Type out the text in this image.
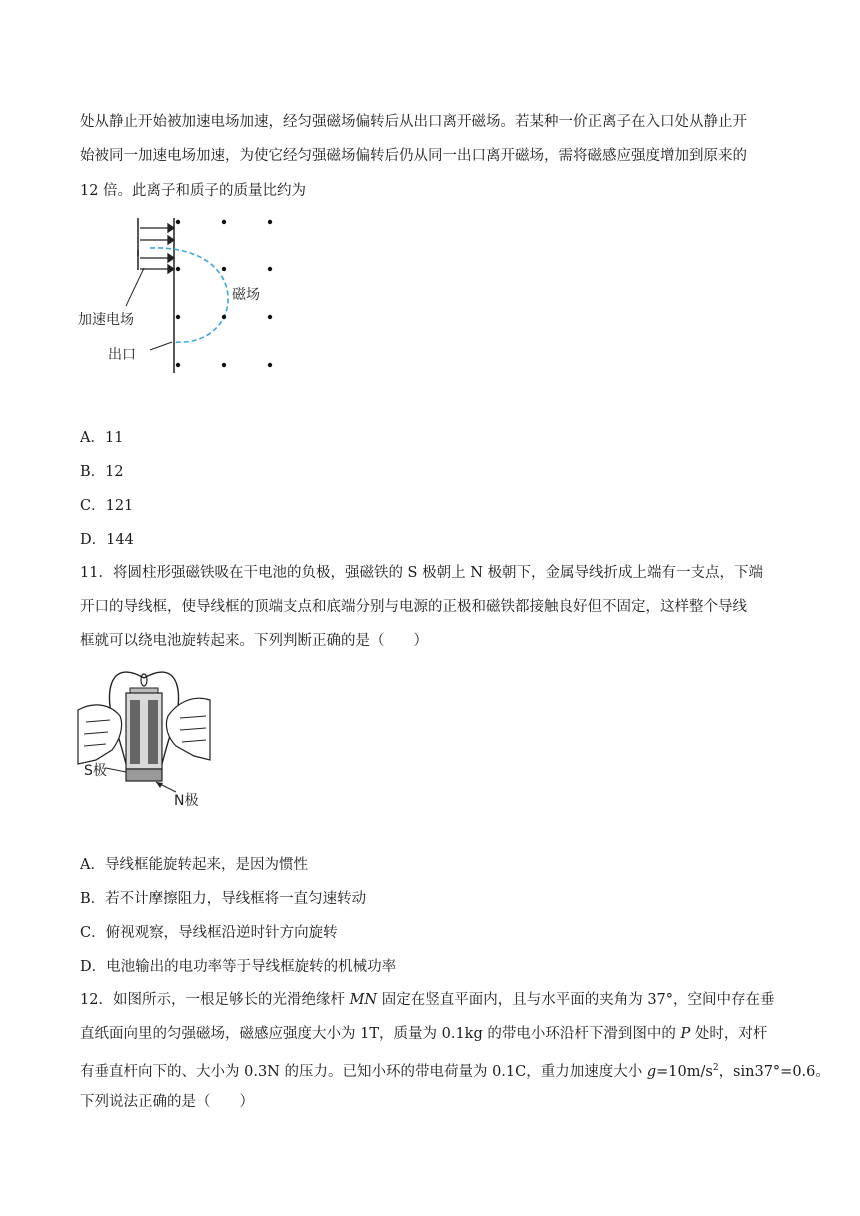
处从静止开始被加速电场加速，经匀强磁场偏转后从出口离开磁场。若某种一价正离子在入口处从静止开
始被同一加速电场加速，为使它经匀强磁场偏转后仍从同一出口离开磁场，需将磁感应强度增加到原来的
12 倍。此离子和质子的质量比约为
加速电场
磁场
出口
A．11
B．12
C．121
D．144
11．将圆柱形强磁铁吸在干电池的负极，强磁铁的 S 极朝上 N 极朝下，金属导线折成上端有一支点，下端
开口的导线框，使导线框的顶端支点和底端分别与电源的正极和磁铁都接触良好但不固定，这样整个导线
框就可以绕电池旋转起来。下列判断正确的是（　　）
S极
N极
A．导线框能旋转起来，是因为惯性
B．若不计摩擦阻力，导线框将一直匀速转动
C．俯视观察，导线框沿逆时针方向旋转
D．电池输出的电功率等于导线框旋转的机械功率
12．如图所示，一根足够长的光滑绝缘杆 MN 固定在竖直平面内，且与水平面的夹角为 37°，空间中存在垂
直纸面向里的匀强磁场，磁感应强度大小为 1T，质量为 0.1kg 的带电小环沿杆下滑到图中的 P 处时，对杆
有垂直杆向下的、大小为 0.3N 的压力。已知小环的带电荷量为 0.1C，重力加速度大小 $g=10m/s^2$，sin37°=0.6。
下列说法正确的是（　　）
